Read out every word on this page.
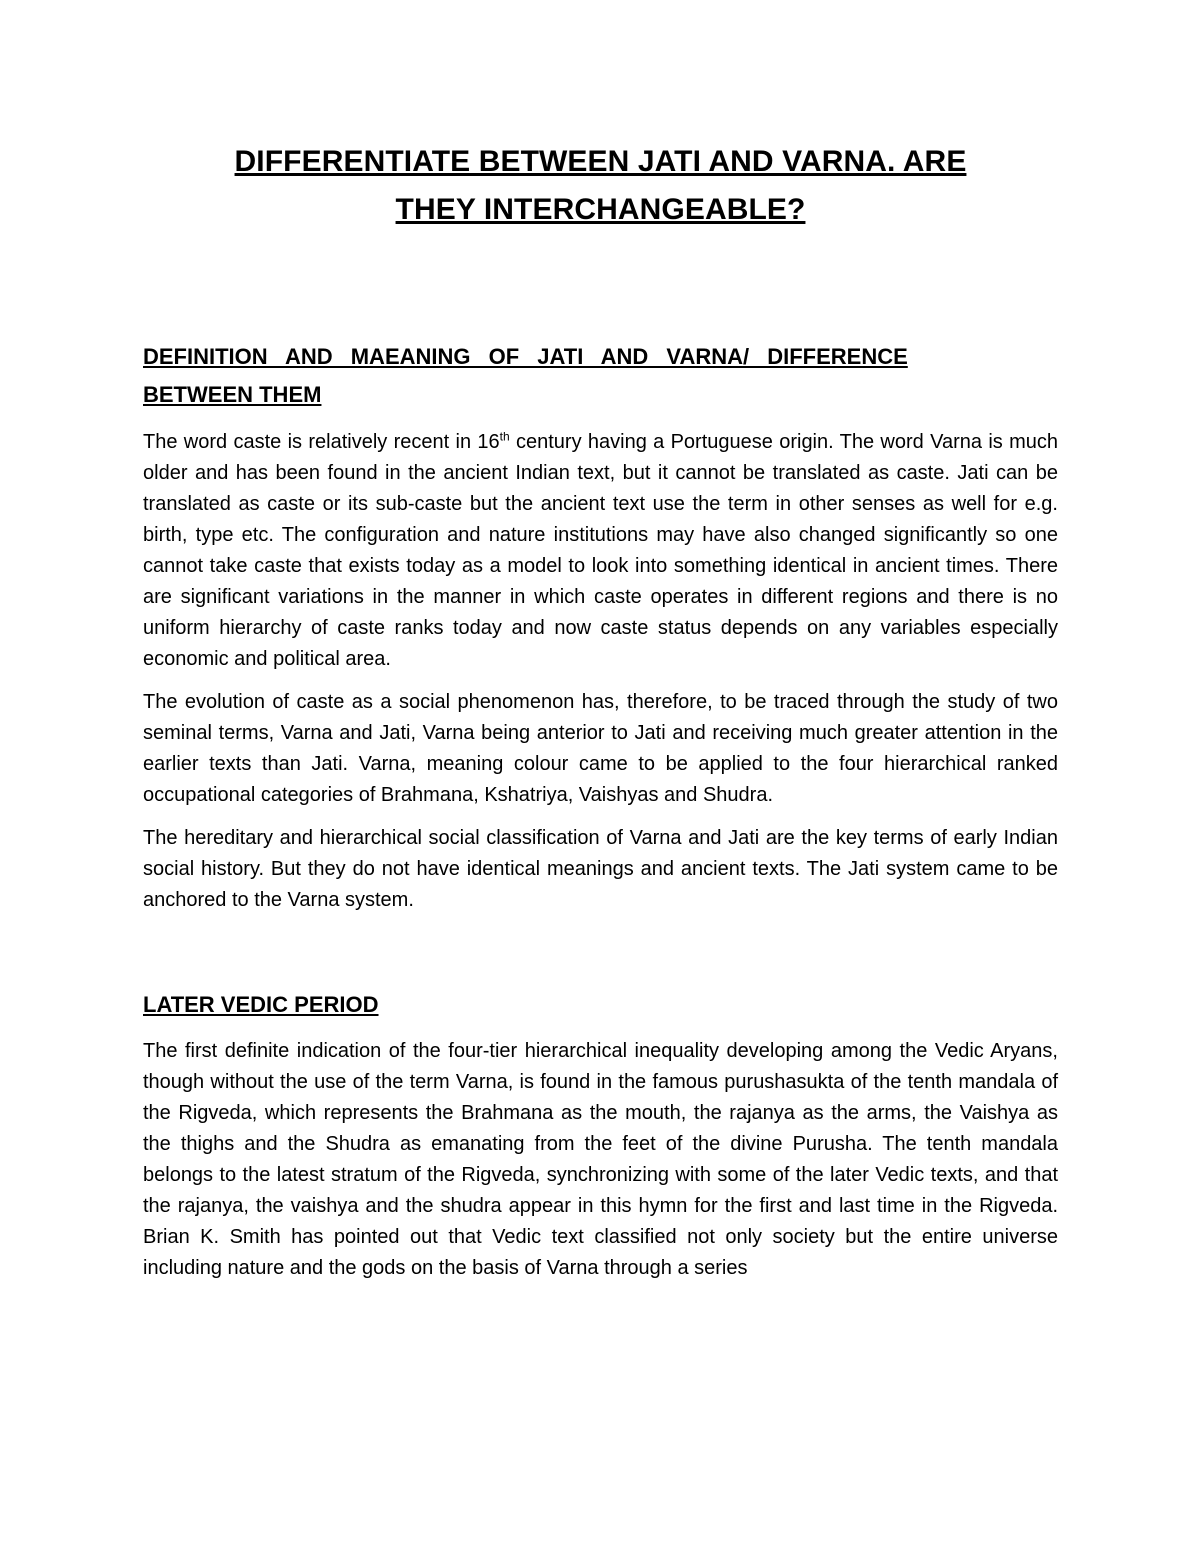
DIFFERENTIATE BETWEEN JATI AND VARNA. ARE
THEY INTERCHANGEABLE?
DEFINITION AND MAEANING OF JATI AND VARNA/ DIFFERENCE
BETWEEN THEM

The word caste is relatively recent in 16th century having a Portuguese origin. The word Varna is much older and has been found in the ancient Indian text, but it cannot be translated as caste. Jati can be translated as caste or its sub-caste but the ancient text use the term in other senses as well for e.g. birth, type etc. The configuration and nature institutions may have also changed significantly so one cannot take caste that exists today as a model to look into something identical in ancient times. There are significant variations in the manner in which caste operates in different regions and there is no uniform hierarchy of caste ranks today and now caste status depends on any variables especially economic and political area.

The evolution of caste as a social phenomenon has, therefore, to be traced through the study of two seminal terms, Varna and Jati, Varna being anterior to Jati and receiving much greater attention in the earlier texts than Jati. Varna, meaning colour came to be applied to the four hierarchical ranked occupational categories of Brahmana, Kshatriya, Vaishyas and Shudra.

The hereditary and hierarchical social classification of Varna and Jati are the key terms of early Indian social history. But they do not have identical meanings and ancient texts. The Jati system came to be anchored to the Varna system.

LATER VEDIC PERIOD

The first definite indication of the four-tier hierarchical inequality developing among the Vedic Aryans, though without the use of the term Varna, is found in the famous purushasukta of the tenth mandala of the Rigveda, which represents the Brahmana as the mouth, the rajanya as the arms, the Vaishya as the thighs and the Shudra as emanating from the feet of the divine Purusha. The tenth mandala belongs to the latest stratum of the Rigveda, synchronizing with some of the later Vedic texts, and that the rajanya, the vaishya and the shudra appear in this hymn for the first and last time in the Rigveda. Brian K. Smith has pointed out that Vedic text classified not only society but the entire universe including nature and the gods on the basis of Varna through a series
